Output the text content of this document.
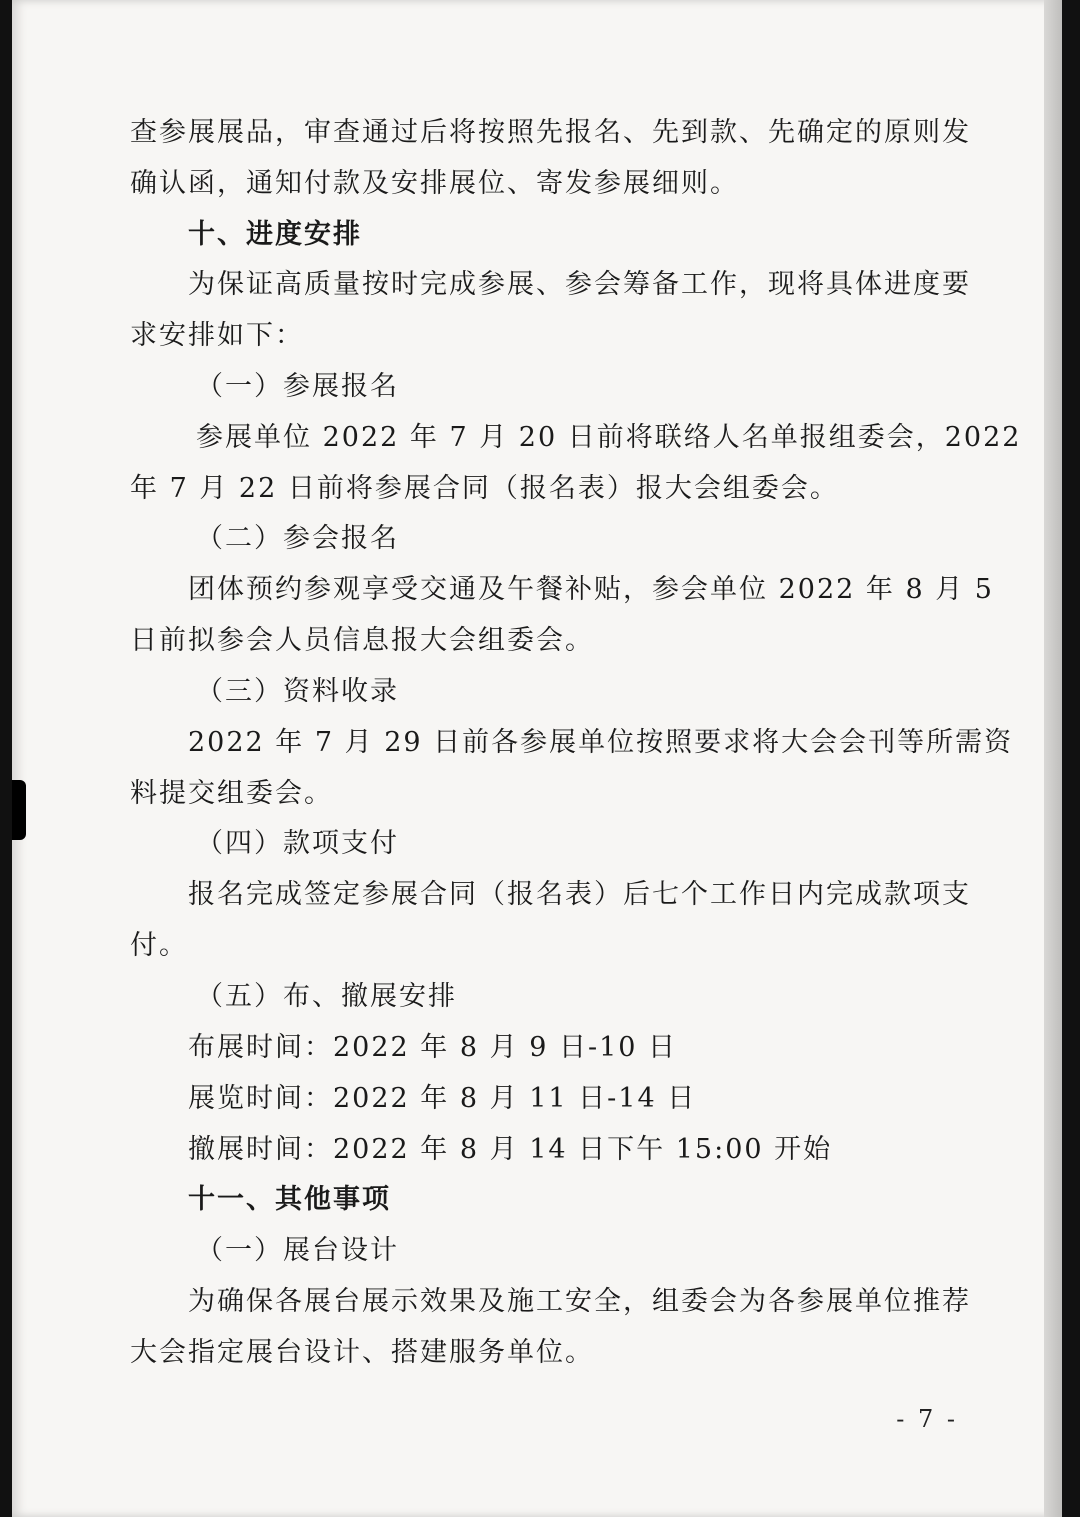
查参展展品，审查通过后将按照先报名、先到款、先确定的原则发
确认函，通知付款及安排展位、寄发参展细则。
十、进度安排
为保证高质量按时完成参展、参会筹备工作，现将具体进度要
求安排如下：
（一）参展报名
参展单位 2022 年 7 月 20 日前将联络人名单报组委会，2022
年 7 月 22 日前将参展合同（报名表）报大会组委会。
（二）参会报名
团体预约参观享受交通及午餐补贴，参会单位 2022 年 8 月 5
日前拟参会人员信息报大会组委会。
（三）资料收录
2022 年 7 月 29 日前各参展单位按照要求将大会会刊等所需资
料提交组委会。
（四）款项支付
报名完成签定参展合同（报名表）后七个工作日内完成款项支
付。
（五）布、撤展安排
布展时间：2022 年 8 月 9 日-10 日
展览时间：2022 年 8 月 11 日-14 日
撤展时间：2022 年 8 月 14 日下午 15:00 开始
十一、其他事项
（一）展台设计
为确保各展台展示效果及施工安全，组委会为各参展单位推荐
大会指定展台设计、搭建服务单位。
- 7 -
